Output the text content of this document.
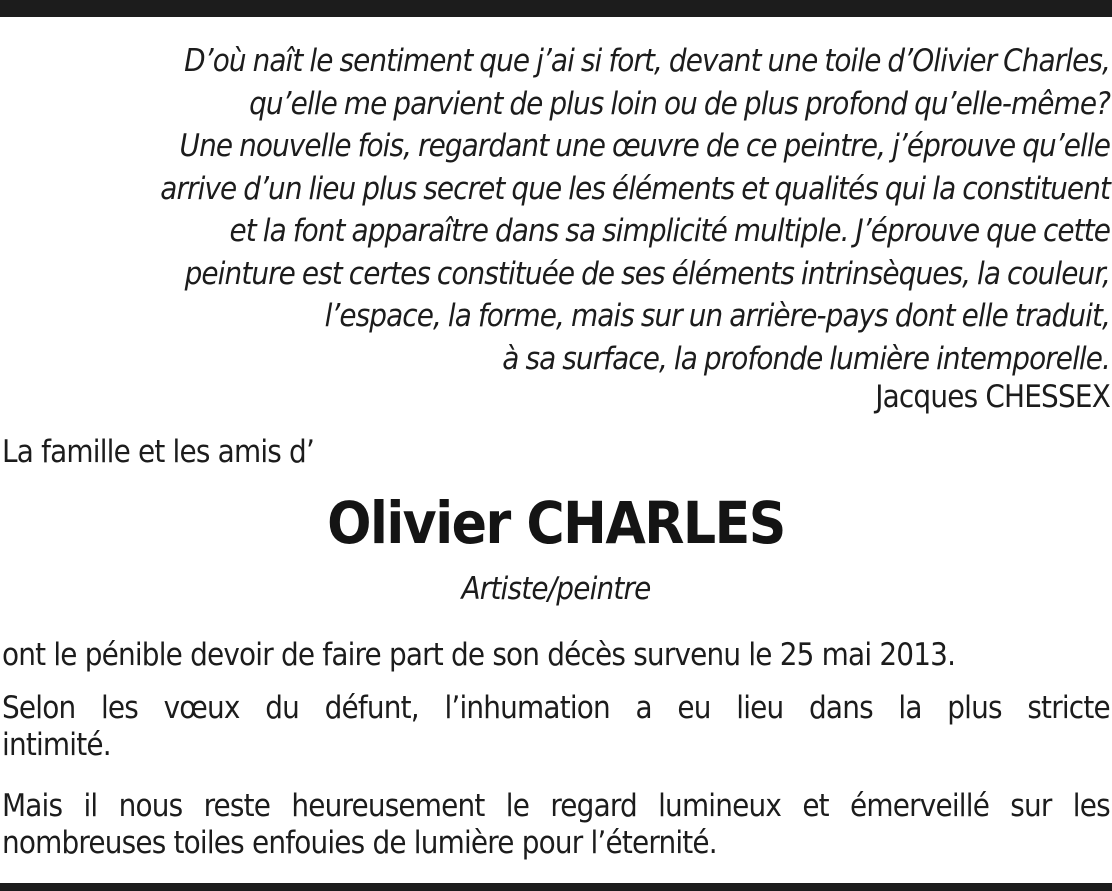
D’où naît le sentiment que j’ai si fort, devant une toile d’Olivier Charles,
qu’elle me parvient de plus loin ou de plus profond qu’elle-même?
Une nouvelle fois, regardant une œuvre de ce peintre, j’éprouve qu’elle
arrive d’un lieu plus secret que les éléments et qualités qui la constituent
et la font apparaître dans sa simplicité multiple. J’éprouve que cette
peinture est certes constituée de ses éléments intrinsèques, la couleur,
l’espace, la forme, mais sur un arrière-pays dont elle traduit,
à sa surface, la profonde lumière intemporelle.
Jacques CHESSEX
La famille et les amis d’
Olivier CHARLES
Artiste/peintre
ont le pénible devoir de faire part de son décès survenu le 25 mai 2013.
Selon les vœux du défunt, l’inhumation a eu lieu dans la plus stricte
intimité.
Mais il nous reste heureusement le regard lumineux et émerveillé sur les
nombreuses toiles enfouies de lumière pour l’éternité.
